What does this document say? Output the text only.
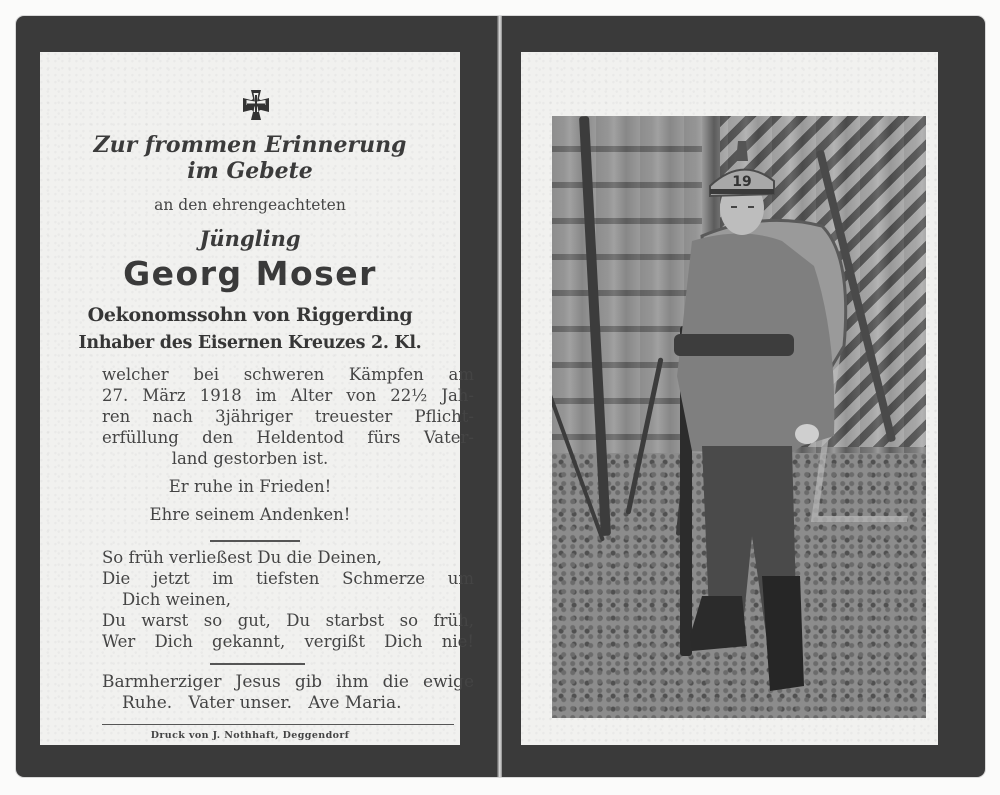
Zur frommen Erinnerung
im Gebete
an den ehrengeachteten
Jüngling
Georg Moser
Oekonomssohn von Riggerding
Inhaber des Eisernen Kreuzes 2. Kl.
welcher bei schweren Kämpfen am
27. März 1918 im Alter von 22½ Jah-
ren nach 3jähriger treuester Pflicht-
erfüllung den Heldentod fürs Vater-
land gestorben ist.
Er ruhe in Frieden!
Ehre seinem Andenken!
So früh verließest Du die Deinen,
Die jetzt im tiefsten Schmerze um
Dich weinen,
Du warst so gut, Du starbst so früh,
Wer Dich gekannt, vergißt Dich nie!
Barmherziger Jesus gib ihm die ewige
Ruhe.   Vater unser.   Ave Maria.
Druck von J. Nothhaft, Deggendorf
19
